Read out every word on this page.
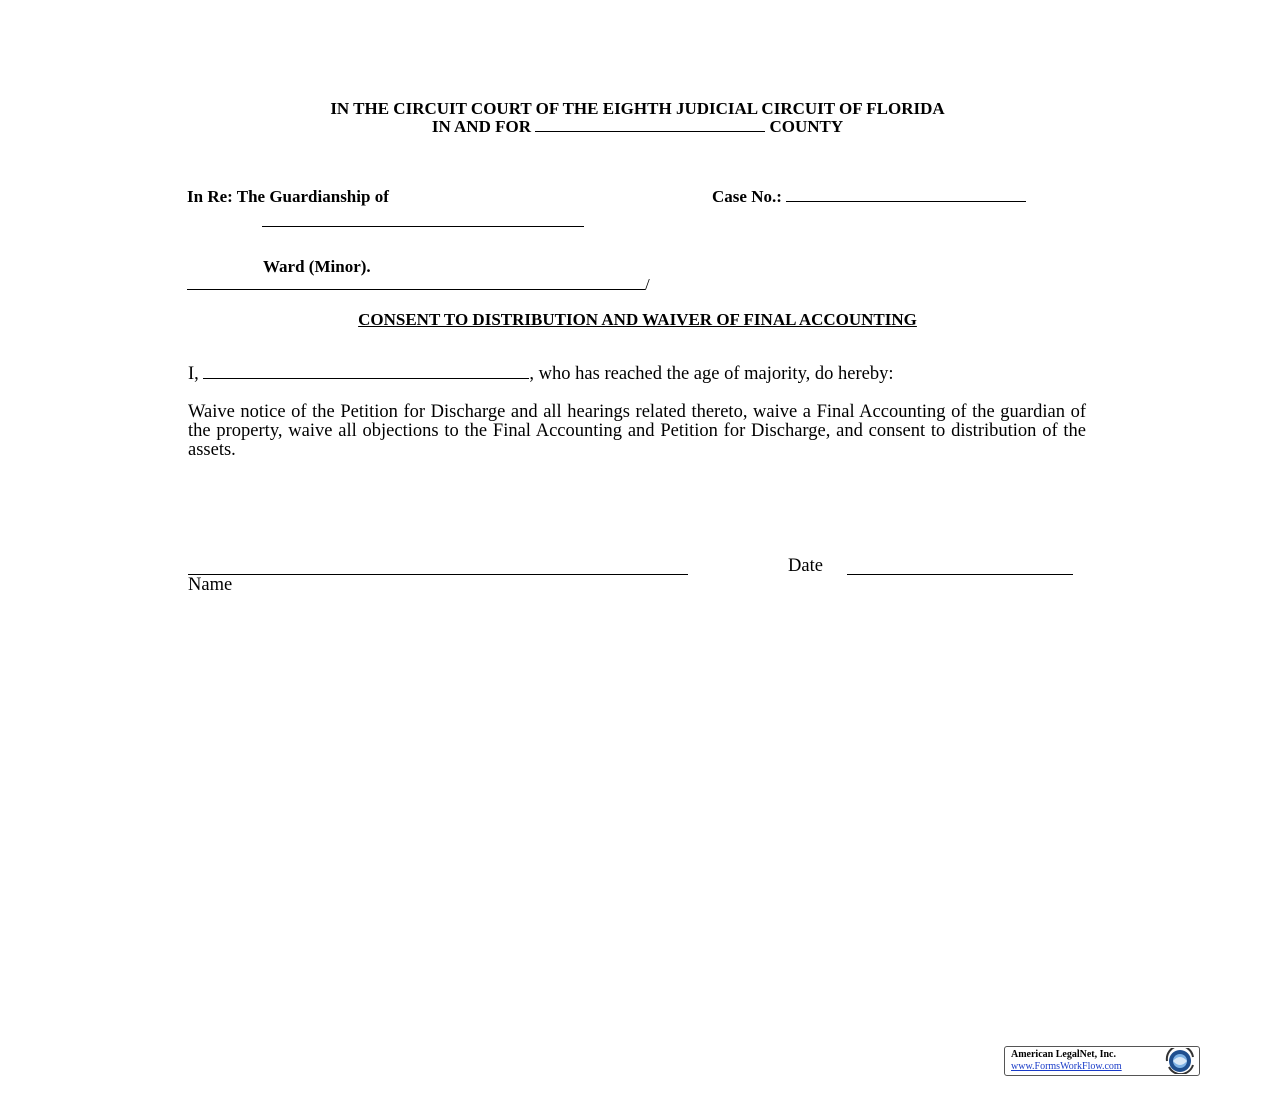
IN THE CIRCUIT COURT OF THE EIGHTH JUDICIAL CIRCUIT OF FLORIDA
IN AND FOR	COUNTY
In Re: The Guardianship of	Case No.:
Ward (Minor).
/
CONSENT TO DISTRIBUTION AND WAIVER OF FINAL ACCOUNTING
I,	, who has reached the age of majority, do hereby:
Waive notice of the Petition for Discharge and all hearings related thereto, waive a Final Accounting of the guardian of the property, waive all objections to the Final Accounting and Petition for Discharge, and consent to distribution of the assets.
Name
Date
American LegalNet, Inc.
www.FormsWorkFlow.com
